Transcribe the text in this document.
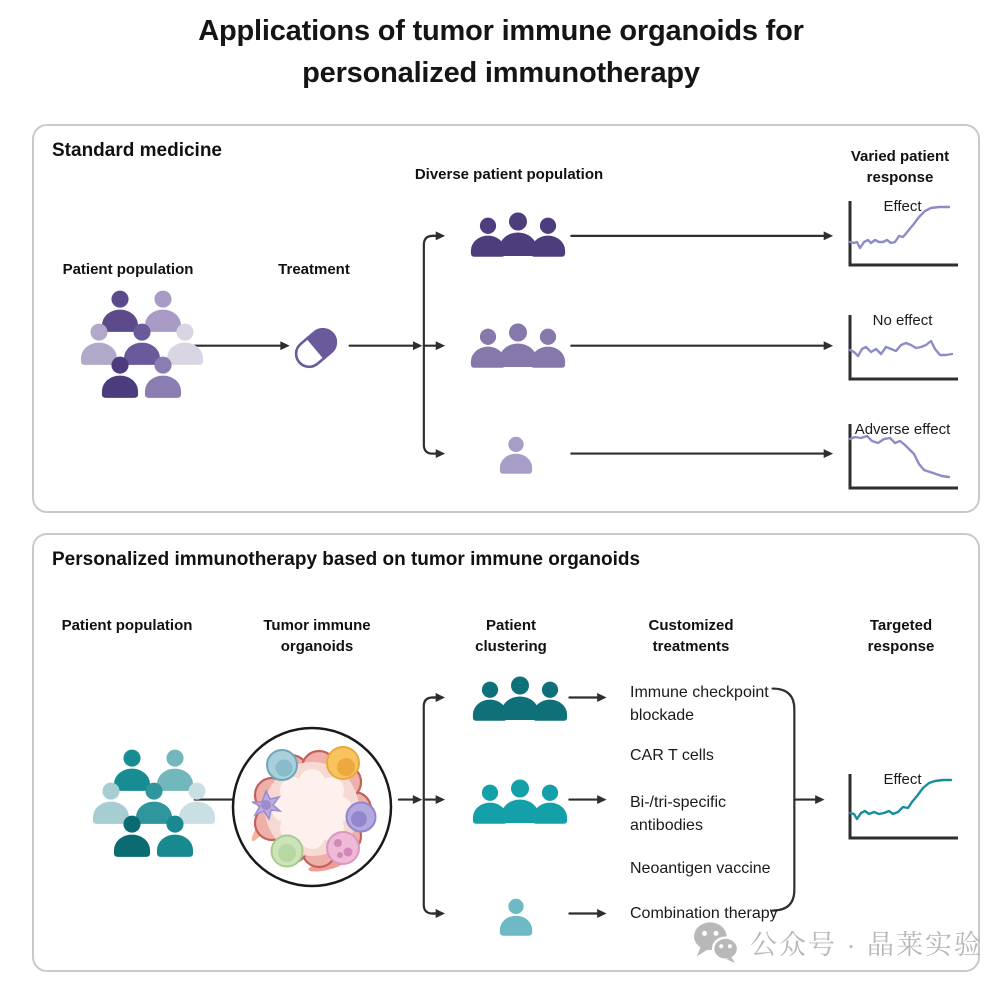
Applications of tumor immune organoids for personalized immunotherapy
Standard medicine
Patient population	Treatment
Diverse patient population
Varied patient response
Effect
No effect
Adverse effect
Personalized immunotherapy based on tumor immune organoids
Patient population	Tumor immune organoids
Patient clustering
Customized treatments
Targeted response
Immune checkpoint blockade
CAR T cells
Bi-/tri-specific antibodies
Neoantigen vaccine
Combination therapy
Effect
公众号 · 晶莱实验
